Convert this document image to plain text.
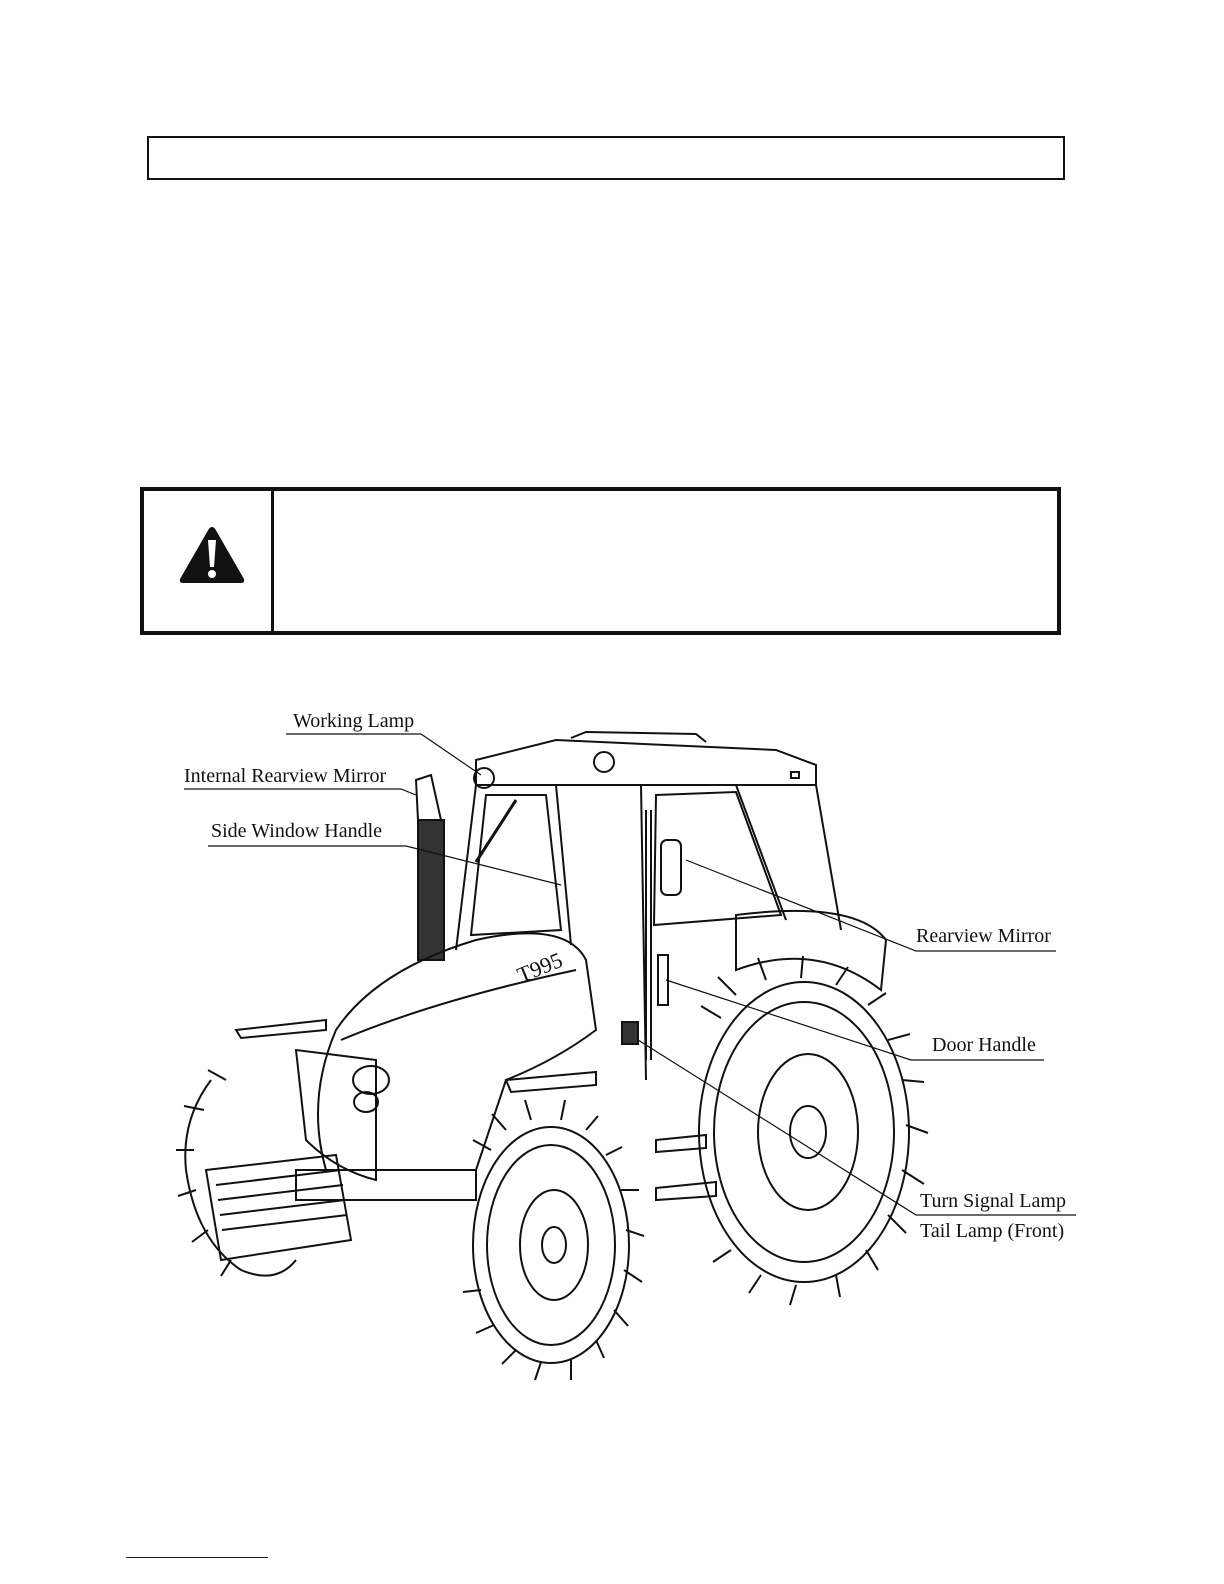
T995
Working Lamp
Internal Rearview Mirror
Side Window Handle
Rearview Mirror
Door Handle
Turn Signal Lamp
Tail Lamp (Front)
